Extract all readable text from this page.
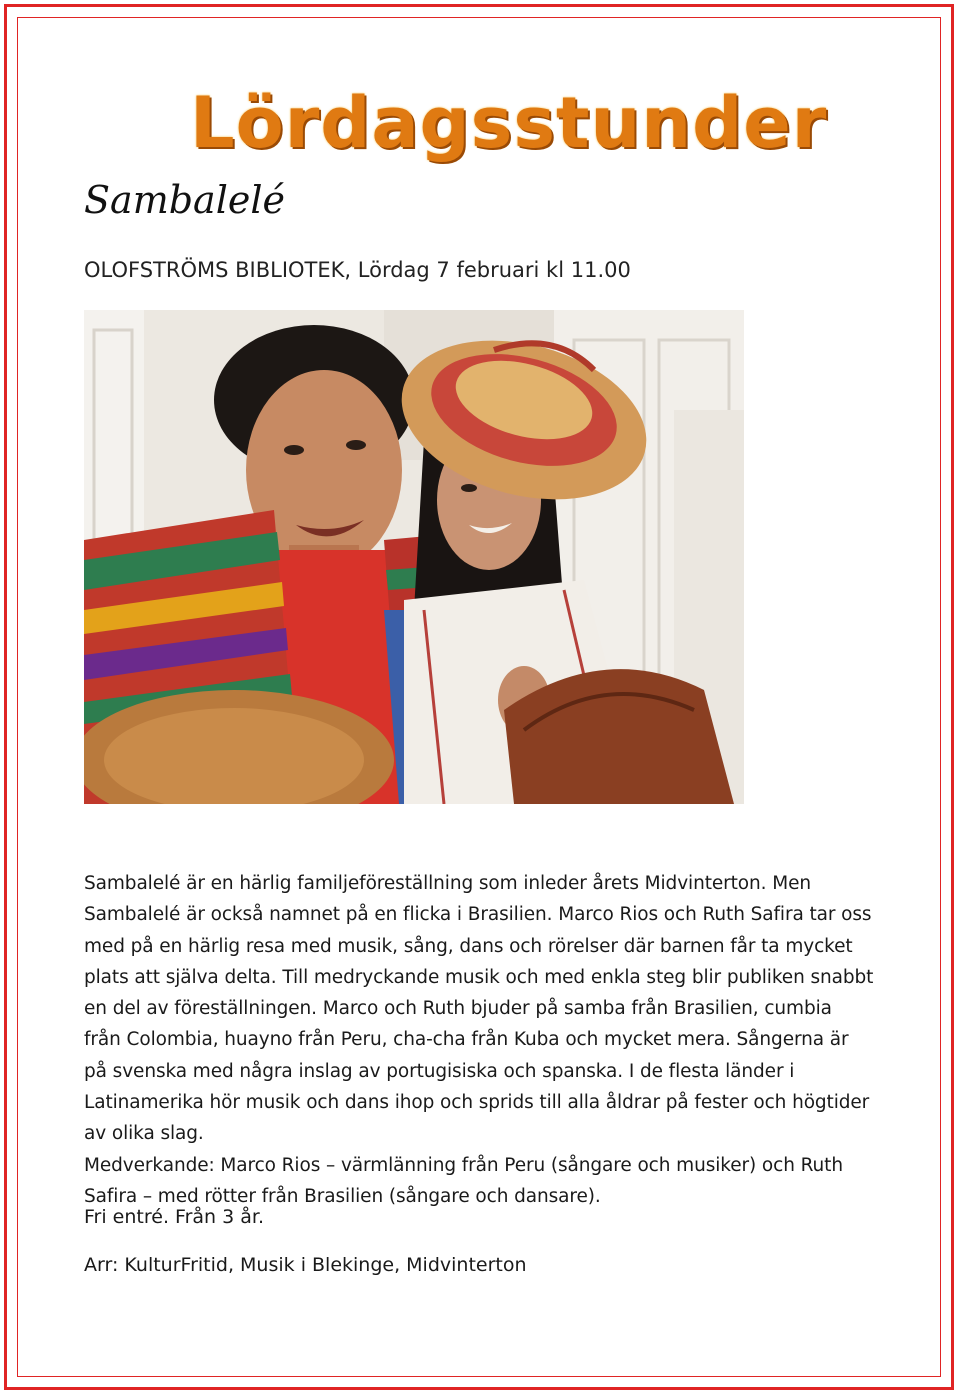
Lördagsstunder
Sambalelé
OLOFSTRÖMS BIBLIOTEK, Lördag 7 februari kl 11.00

Sambalelé är en härlig familjeföreställning som inleder årets Midvinterton. Men Sambalelé är också namnet på en flicka i Brasilien. Marco Rios och Ruth Safira tar oss med på en härlig resa med musik, sång, dans och rörelser där barnen får ta mycket plats att själva delta. Till medryckande musik och med enkla steg blir publiken snabbt en del av föreställningen. Marco och Ruth bjuder på samba från Brasilien, cumbia från Colombia, huayno från Peru, cha-cha från Kuba och mycket mera. Sångerna är på svenska med några inslag av portugisiska och spanska. I de flesta länder i Latinamerika hör musik och dans ihop och sprids till alla åldrar på fester och högtider av olika slag.

Medverkande: Marco Rios – värmlänning från Peru (sångare och musiker) och Ruth Safira – med rötter från Brasilien (sångare och dansare).

Fri entré. Från 3 år.
Arr: KulturFritid, Musik i Blekinge, Midvinterton
